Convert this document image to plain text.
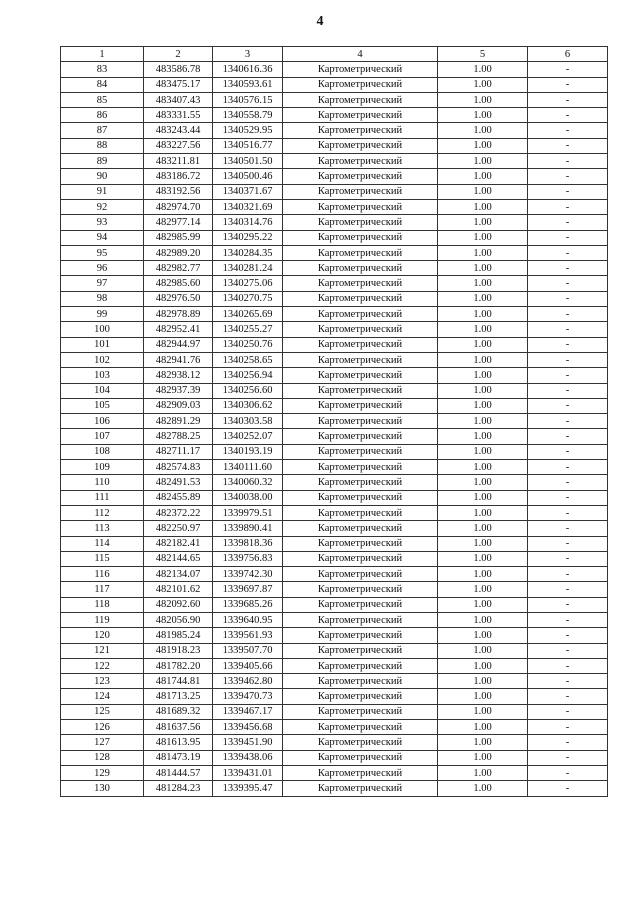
4
1	2	3	4	5	6
83	483586.78	1340616.36	Картометрический	1.00	-
84	483475.17	1340593.61	Картометрический	1.00	-
85	483407.43	1340576.15	Картометрический	1.00	-
86	483331.55	1340558.79	Картометрический	1.00	-
87	483243.44	1340529.95	Картометрический	1.00	-
88	483227.56	1340516.77	Картометрический	1.00	-
89	483211.81	1340501.50	Картометрический	1.00	-
90	483186.72	1340500.46	Картометрический	1.00	-
91	483192.56	1340371.67	Картометрический	1.00	-
92	482974.70	1340321.69	Картометрический	1.00	-
93	482977.14	1340314.76	Картометрический	1.00	-
94	482985.99	1340295.22	Картометрический	1.00	-
95	482989.20	1340284.35	Картометрический	1.00	-
96	482982.77	1340281.24	Картометрический	1.00	-
97	482985.60	1340275.06	Картометрический	1.00	-
98	482976.50	1340270.75	Картометрический	1.00	-
99	482978.89	1340265.69	Картометрический	1.00	-
100	482952.41	1340255.27	Картометрический	1.00	-
101	482944.97	1340250.76	Картометрический	1.00	-
102	482941.76	1340258.65	Картометрический	1.00	-
103	482938.12	1340256.94	Картометрический	1.00	-
104	482937.39	1340256.60	Картометрический	1.00	-
105	482909.03	1340306.62	Картометрический	1.00	-
106	482891.29	1340303.58	Картометрический	1.00	-
107	482788.25	1340252.07	Картометрический	1.00	-
108	482711.17	1340193.19	Картометрический	1.00	-
109	482574.83	1340111.60	Картометрический	1.00	-
110	482491.53	1340060.32	Картометрический	1.00	-
111	482455.89	1340038.00	Картометрический	1.00	-
112	482372.22	1339979.51	Картометрический	1.00	-
113	482250.97	1339890.41	Картометрический	1.00	-
114	482182.41	1339818.36	Картометрический	1.00	-
115	482144.65	1339756.83	Картометрический	1.00	-
116	482134.07	1339742.30	Картометрический	1.00	-
117	482101.62	1339697.87	Картометрический	1.00	-
118	482092.60	1339685.26	Картометрический	1.00	-
119	482056.90	1339640.95	Картометрический	1.00	-
120	481985.24	1339561.93	Картометрический	1.00	-
121	481918.23	1339507.70	Картометрический	1.00	-
122	481782.20	1339405.66	Картометрический	1.00	-
123	481744.81	1339462.80	Картометрический	1.00	-
124	481713.25	1339470.73	Картометрический	1.00	-
125	481689.32	1339467.17	Картометрический	1.00	-
126	481637.56	1339456.68	Картометрический	1.00	-
127	481613.95	1339451.90	Картометрический	1.00	-
128	481473.19	1339438.06	Картометрический	1.00	-
129	481444.57	1339431.01	Картометрический	1.00	-
130	481284.23	1339395.47	Картометрический	1.00	-
